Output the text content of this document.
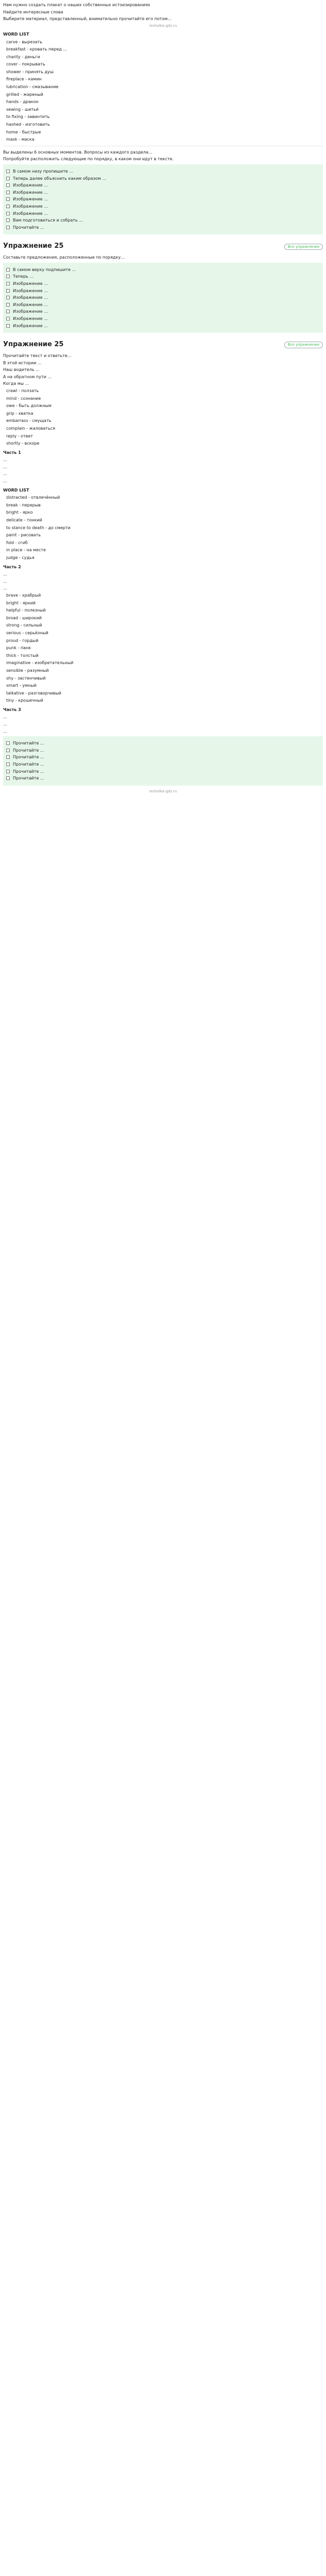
Нам нужно создать плакат о наших собственных истоизированиях
Найдите интересные слова
Выберите материал, представленный, внимательно прочитайте его потом...
reshalka-gdz.ru
WORD LIST
carve - вырезать
breakfast - кровать перед ...
charity - деньги
cover - покрывать
shower - принять душ
fireplace - камин
lubrication - смазывание
grilled - жареный
hands - дракон
sewing - шитьё
to fixing - завинтить
hashed - изготовить
home - быстрые
mask - маска
Вы выделены 6 основных моментов. Вопросы из каждого раздела...
Попробуйте расположить следующие по порядку, в каком они идут в тексте.
В самом низу пропишите ...
Теперь далее объяснить каким образом ...
Изображение ...
Изображение ...
Изображение ...
Изображение ...
Изображение ...
Вам подготовиться и собрать ...
Прочитайте ...
Упражнение 25	Все упражнения
Составьте предложения, расположенные по порядку...
В самом верху подпишите ...
Теперь ...
Изображение ...
Изображение ...
Изображение ...
Изображение ...
Изображение ...
Изображение ...
Изображение ...
Упражнение 25	Все упражнения
Прочитайте текст и ответьте...
В этой истории ...
Наш водитель ...
А на обратном пути ...
Когда мы ...
crawl - ползать
mind - сознание
owe - быть должным
grip - хватка
embarrass - смущать
complain - жаловаться
reply - ответ
shortly - вскоре
Часть 1
...
...
...
...
WORD LIST
distracted - отвлечённый
break - перерыв
bright - ярко
delicate - тонкий
to stance to death - до смерти
paint - рисовать
fold - сгиб
in place - на месте
judge - судья
Часть 2
...
...
...
brave - храбрый
bright - яркий
helpful - полезный
broad - широкий
strong - сильный
serious - серьёзный
proud - гордый
punk - панк
thick - толстый
imaginative - изобретательный
sensible - разумный
shy - застенчивый
smart - умный
talkative - разговорчивый
tiny - крошечный
Часть 3
...
...
...
Прочитайте ...
Прочитайте ...
Прочитайте ...
Прочитайте ...
Прочитайте ...
Прочитайте ...
reshalka-gdz.ru
